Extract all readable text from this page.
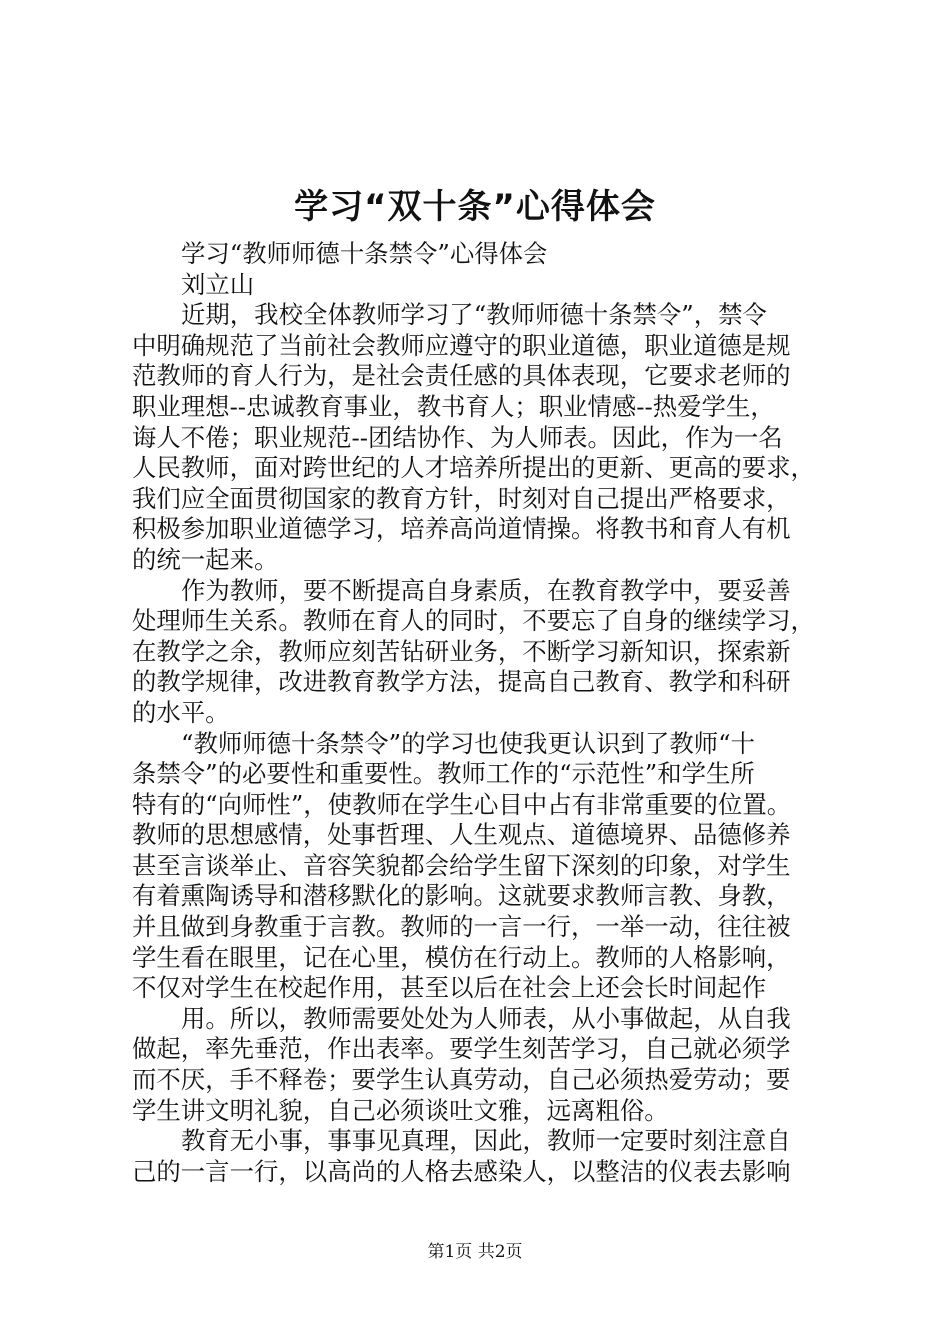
学习“双十条”心得体会
学习“教师师德十条禁令”心得体会
刘立山
近期，我校全体教师学习了“教师师德十条禁令”，禁令
中明确规范了当前社会教师应遵守的职业道德，职业道德是规
范教师的育人行为，是社会责任感的具体表现，它要求老师的
职业理想--忠诚教育事业，教书育人；职业情感--热爱学生，
诲人不倦；职业规范--团结协作、为人师表。因此，作为一名
人民教师，面对跨世纪的人才培养所提出的更新、更高的要求，
我们应全面贯彻国家的教育方针，时刻对自己提出严格要求，
积极参加职业道德学习，培养高尚道情操。将教书和育人有机
的统一起来。
作为教师，要不断提高自身素质，在教育教学中，要妥善
处理师生关系。教师在育人的同时，不要忘了自身的继续学习，
在教学之余，教师应刻苦钻研业务，不断学习新知识，探索新
的教学规律，改进教育教学方法，提高自己教育、教学和科研
的水平。
“教师师德十条禁令”的学习也使我更认识到了教师“十
条禁令”的必要性和重要性。教师工作的“示范性”和学生所
特有的“向师性”，使教师在学生心目中占有非常重要的位置。
教师的思想感情，处事哲理、人生观点、道德境界、品德修养
甚至言谈举止、音容笑貌都会给学生留下深刻的印象，对学生
有着熏陶诱导和潜移默化的影响。这就要求教师言教、身教，
并且做到身教重于言教。教师的一言一行，一举一动，往往被
学生看在眼里，记在心里，模仿在行动上。教师的人格影响，
不仅对学生在校起作用，甚至以后在社会上还会长时间起作
用。所以，教师需要处处为人师表，从小事做起，从自我
做起，率先垂范，作出表率。要学生刻苦学习，自己就必须学
而不厌，手不释卷；要学生认真劳动，自己必须热爱劳动；要
学生讲文明礼貌，自己必须谈吐文雅，远离粗俗。
教育无小事，事事见真理，因此，教师一定要时刻注意自
己的一言一行，以高尚的人格去感染人，以整洁的仪表去影响
第1页 共2页
